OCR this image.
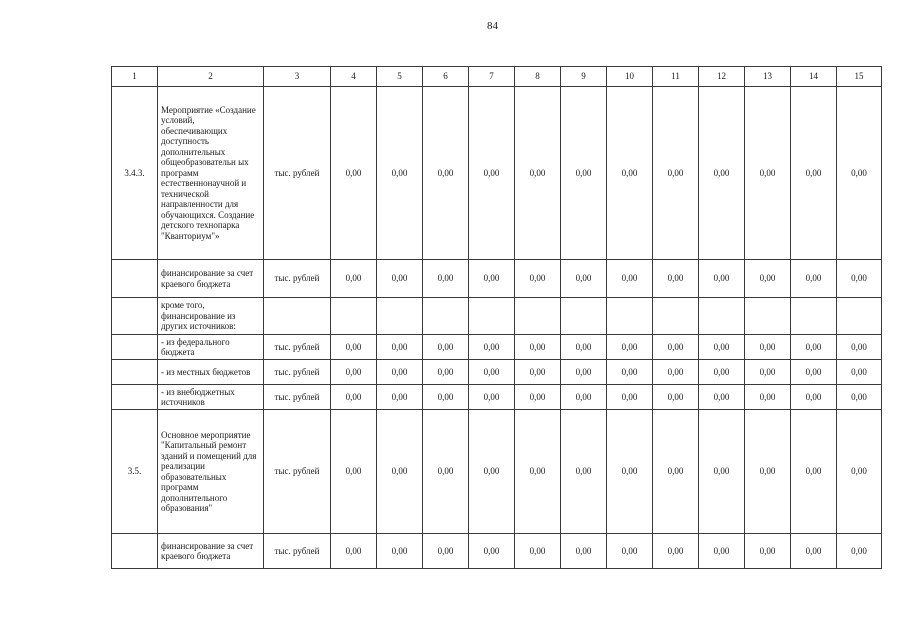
84
1	2	3	4	5	6	7	8	9	10	11	12	13	14	15
3.4.3.	Мероприятие «Создание условий, обеспечивающих доступность дополнительных общеобразовательн ых программ естественнонаучной и технической направленности для обучающихся. Создание детского технопарка "Кванториум"»	тыс. рублей	0,00	0,00	0,00	0,00	0,00	0,00	0,00	0,00	0,00	0,00	0,00	0,00
	финансирование за счет краевого бюджета	тыс. рублей	0,00	0,00	0,00	0,00	0,00	0,00	0,00	0,00	0,00	0,00	0,00	0,00
	кроме того, финансирование из других источников:													
	- из федерального бюджета	тыс. рублей	0,00	0,00	0,00	0,00	0,00	0,00	0,00	0,00	0,00	0,00	0,00	0,00
	- из местных бюджетов	тыс. рублей	0,00	0,00	0,00	0,00	0,00	0,00	0,00	0,00	0,00	0,00	0,00	0,00
	- из внебюджетных источников	тыс. рублей	0,00	0,00	0,00	0,00	0,00	0,00	0,00	0,00	0,00	0,00	0,00	0,00
3.5.	Основное мероприятие "Капитальный ремонт зданий и помещений для реализации образовательных программ дополнительного образования"	тыс. рублей	0,00	0,00	0,00	0,00	0,00	0,00	0,00	0,00	0,00	0,00	0,00	0,00
	финансирование за счет краевого бюджета	тыс. рублей	0,00	0,00	0,00	0,00	0,00	0,00	0,00	0,00	0,00	0,00	0,00	0,00
